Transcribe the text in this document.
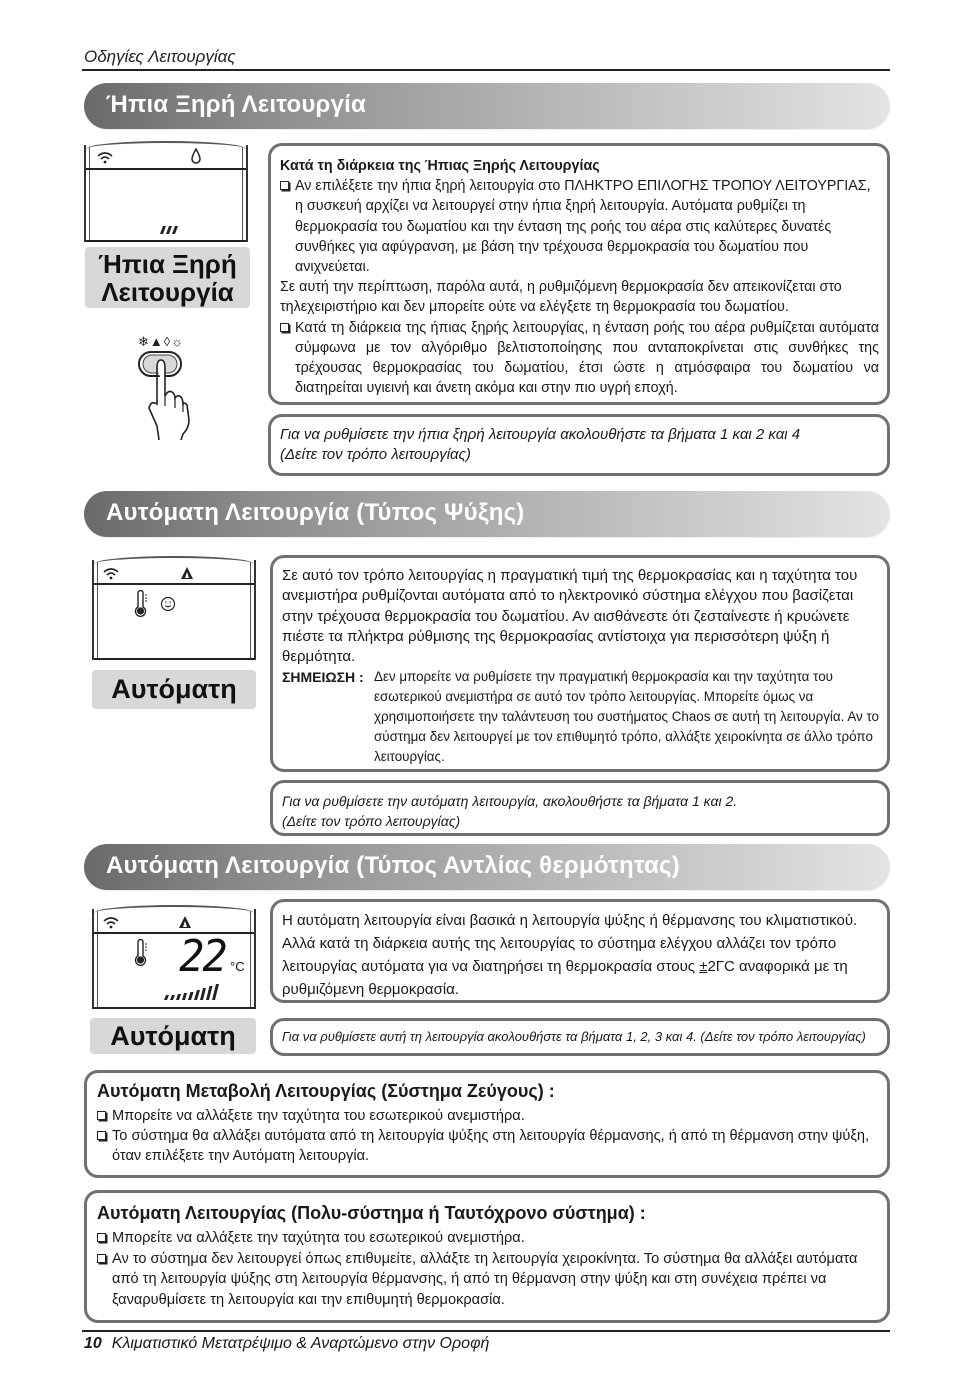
Οδηγίες Λειτουργίας
Ήπια Ξηρή Λειτουργία
Ήπια Ξηρή
Λειτουργία
❄▲◊☼

Κατά τη διάρκεια της Ήπιας Ξηρής Λειτουργίας

Αν επιλέξετε την ήπια ξηρή λειτουργία στο ΠΛΗΚΤΡΟ ΕΠΙΛΟΓΗΣ ΤΡΟΠΟΥ ΛΕΙΤΟΥΡΓΙΑΣ, η συσκευή αρχίζει να λειτουργεί στην ήπια ξηρή λειτουργία. Αυτόματα ρυθμίζει τη θερμοκρασία του δωματίου και την ένταση της ροής του αέρα στις καλύτερες δυνατές συνθήκες για αφύγρανση, με βάση την τρέχουσα θερμοκρασία του δωματίου που ανιχνεύεται.

Σε αυτή την περίπτωση, παρόλα αυτά, η ρυθμιζόμενη θερμοκρασία δεν απεικονίζεται στο τηλεχειριστήριο και δεν μπορείτε ούτε να ελέγξετε τη θερμοκρασία του δωματίου.

Κατά τη διάρκεια της ήπιας ξηρής λειτουργίας, η ένταση ροής του αέρα ρυθμίζεται αυτόματα σύμφωνα με τον αλγόριθμο βελτιστοποίησης που ανταποκρίνεται στις συνθήκες της τρέχουσας θερμοκρασίας του δωματίου, έτσι ώστε η ατμόσφαιρα του δωματίου να διατηρείται υγιεινή και άνετη ακόμα και στην πιο υγρή εποχή.

Για να ρυθμίσετε την ήπια ξηρή λειτουργία ακολουθήστε τα βήματα 1 και 2 και 4

(Δείτε τον τρόπο λειτουργίας)

Αυτόματη Λειτουργία (Τύπος Ψύξης)
Αυτόματη

Σε αυτό τον τρόπο λειτουργίας η πραγματική τιμή της θερμοκρασίας και η ταχύτητα του ανεμιστήρα ρυθμίζονται αυτόματα από το ηλεκτρονικό σύστημα ελέγχου που βασίζεται στην τρέχουσα θερμοκρασία του δωματίου. Αν αισθάνεστε ότι ζεσταίνεστε ή κρυώνετε πιέστε τα πλήκτρα ρύθμισης της θερμοκρασίας αντίστοιχα για περισσότερη ψύξη ή θερμότητα.

ΣΗΜΕΙΩΣΗ : Δεν μπορείτε να ρυθμίσετε την πραγματική θερμοκρασία και την ταχύτητα του εσωτερικού ανεμιστήρα σε αυτό τον τρόπο λειτουργίας. Μπορείτε όμως να χρησιμοποιήσετε την ταλάντευση του συστήματος Chaos σε αυτή τη λειτουργία. Αν το σύστημα δεν λειτουργεί με τον επιθυμητό τρόπο, αλλάξτε χειροκίνητα σε άλλο τρόπο λειτουργίας.

Για να ρυθμίσετε την αυτόματη λειτουργία, ακολουθήστε τα βήματα 1 και 2.

(Δείτε τον τρόπο λειτουργίας)

Αυτόματη Λειτουργία (Τύπος Αντλίας θερμότητας)
22 °C
Αυτόματη
Η αυτόματη λειτουργία είναι βασικά η λειτουργία ψύξης ή θέρμανσης του κλιματιστικού. Αλλά κατά τη διάρκεια αυτής της λειτουργίας το σύστημα ελέγχου αλλάζει τον τρόπο λειτουργίας αυτόματα για να διατηρήσει τη θερμοκρασία στους ±2ΓC αναφορικά με τη ρυθμιζόμενη θερμοκρασία.
Για να ρυθμίσετε αυτή τη λειτουργία ακολουθήστε τα βήματα 1, 2, 3 και 4. (Δείτε τον τρόπο λειτουργίας)
Αυτόματη Μεταβολή Λειτουργίας (Σύστημα Ζεύγους) :
Μπορείτε να αλλάξετε την ταχύτητα του εσωτερικού ανεμιστήρα.
Το σύστημα θα αλλάξει αυτόματα από τη λειτουργία ψύξης στη λειτουργία θέρμανσης, ή από τη θέρμανση στην ψύξη, όταν επιλέξετε την Αυτόματη λειτουργία.
Αυτόματη Λειτουργίας (Πολυ-σύστημα ή Ταυτόχρονο σύστημα) :
Μπορείτε να αλλάξετε την ταχύτητα του εσωτερικού ανεμιστήρα.
Αν το σύστημα δεν λειτουργεί όπως επιθυμείτε, αλλάξτε τη λειτουργία χειροκίνητα. Το σύστημα θα αλλάξει αυτόματα από τη λειτουργία ψύξης στη λειτουργία θέρμανσης, ή από τη θέρμανση στην ψύξη και στη συνέχεια πρέπει να ξαναρυθμίσετε τη λειτουργία και την επιθυμητή θερμοκρασία.
10 Κλιματιστικό Μετατρέψιμο & Αναρτώμενο στην Οροφή
